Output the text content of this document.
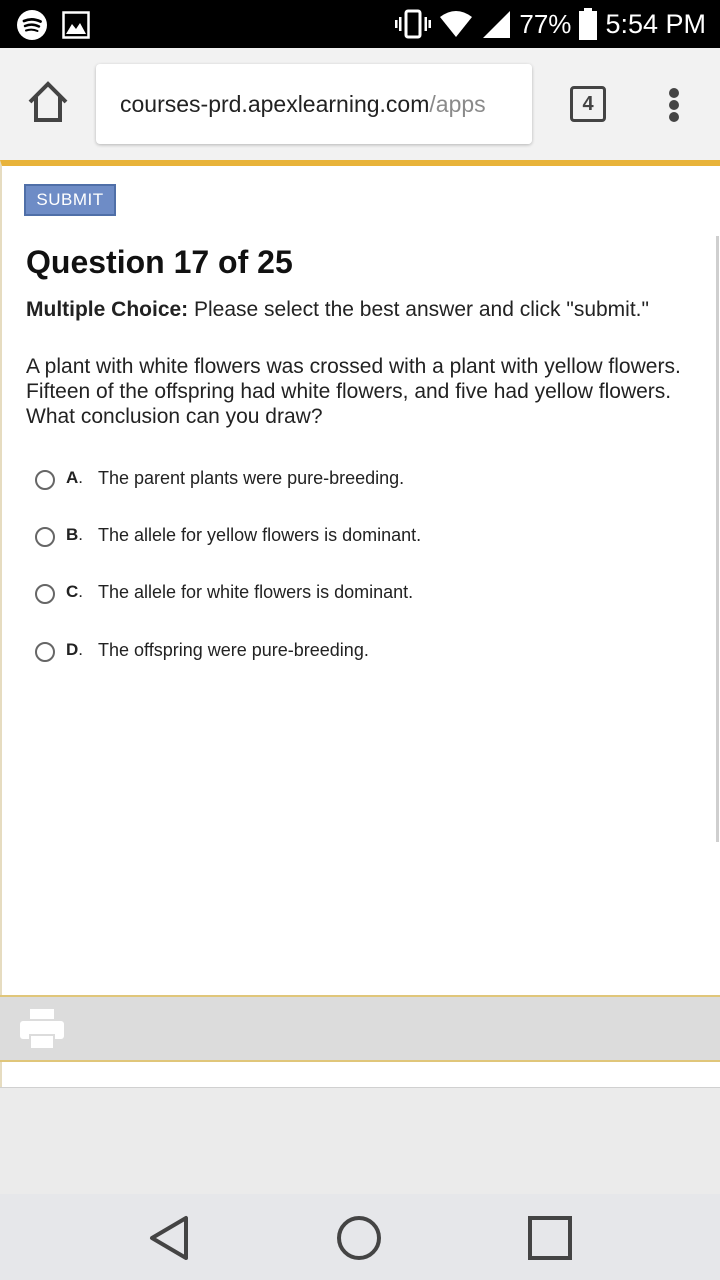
77% 5:54 PM
courses-prd.apexlearning.com/apps	4
SUBMIT
Question 17 of 25
Multiple Choice: Please select the best answer and click "submit."
A plant with white flowers was crossed with a plant with yellow flowers. Fifteen of the offspring had white flowers, and five had yellow flowers. What conclusion can you draw?
A. The parent plants were pure-breeding.
B. The allele for yellow flowers is dominant.
C. The allele for white flowers is dominant.
D. The offspring were pure-breeding.
